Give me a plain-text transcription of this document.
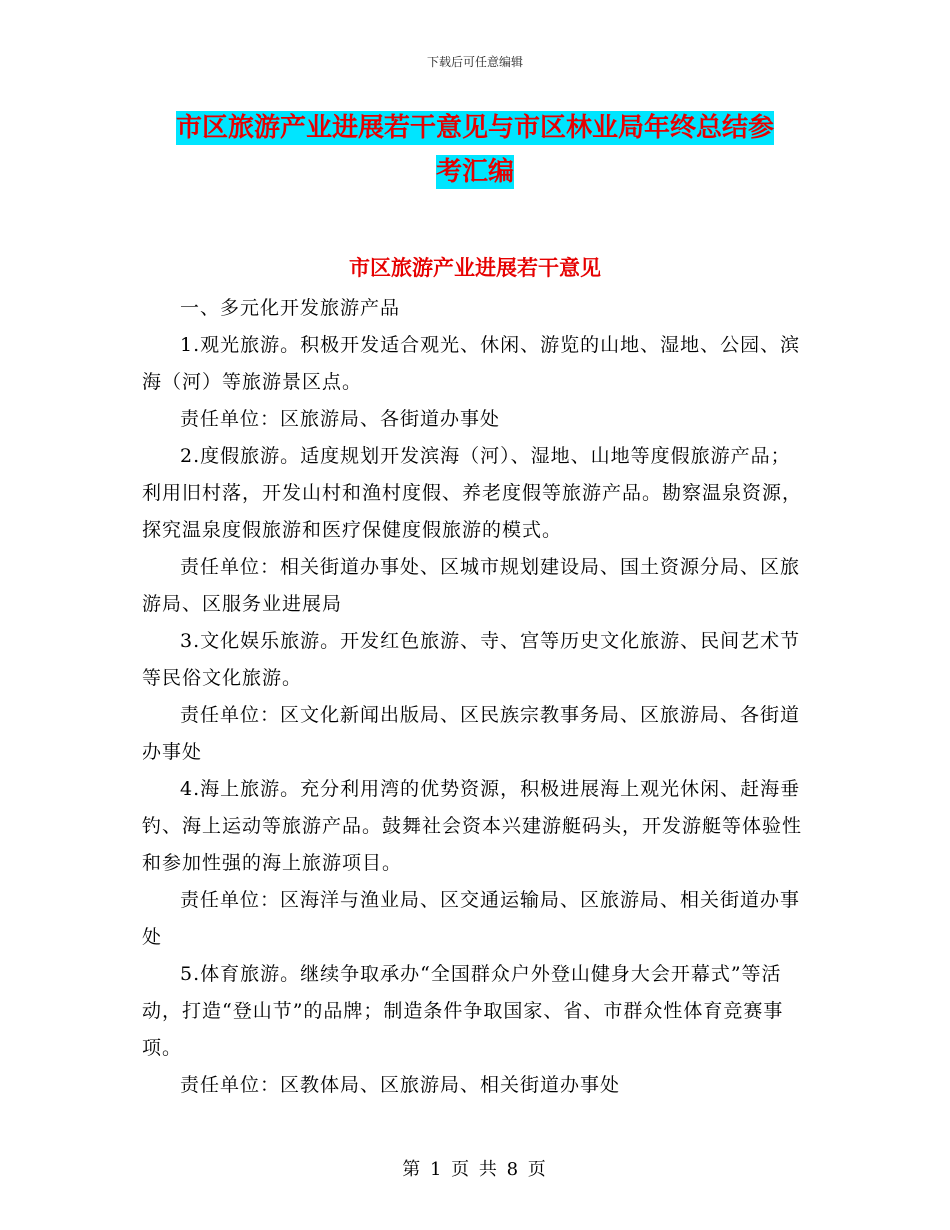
下载后可任意编辑
市区旅游产业进展若干意见与市区林业局年终总结参
考汇编
市区旅游产业进展若干意见

一、多元化开发旅游产品

1.观光旅游。积极开发适合观光、休闲、游览的山地、湿地、公园、滨海（河）等旅游景区点。

责任单位：区旅游局、各街道办事处

2.度假旅游。适度规划开发滨海（河）、湿地、山地等度假旅游产品；利用旧村落，开发山村和渔村度假、养老度假等旅游产品。勘察温泉资源，探究温泉度假旅游和医疗保健度假旅游的模式。

责任单位：相关街道办事处、区城市规划建设局、国土资源分局、区旅游局、区服务业进展局

3.文化娱乐旅游。开发红色旅游、寺、宫等历史文化旅游、民间艺术节等民俗文化旅游。

责任单位：区文化新闻出版局、区民族宗教事务局、区旅游局、各街道办事处

4.海上旅游。充分利用湾的优势资源，积极进展海上观光休闲、赶海垂钓、海上运动等旅游产品。鼓舞社会资本兴建游艇码头，开发游艇等体验性和参加性强的海上旅游项目。

责任单位：区海洋与渔业局、区交通运输局、区旅游局、相关街道办事处

5.体育旅游。继续争取承办“全国群众户外登山健身大会开幕式”等活动，打造“登山节”的品牌；制造条件争取国家、省、市群众性体育竞赛事项。

责任单位：区教体局、区旅游局、相关街道办事处

第 1 页 共 8 页
